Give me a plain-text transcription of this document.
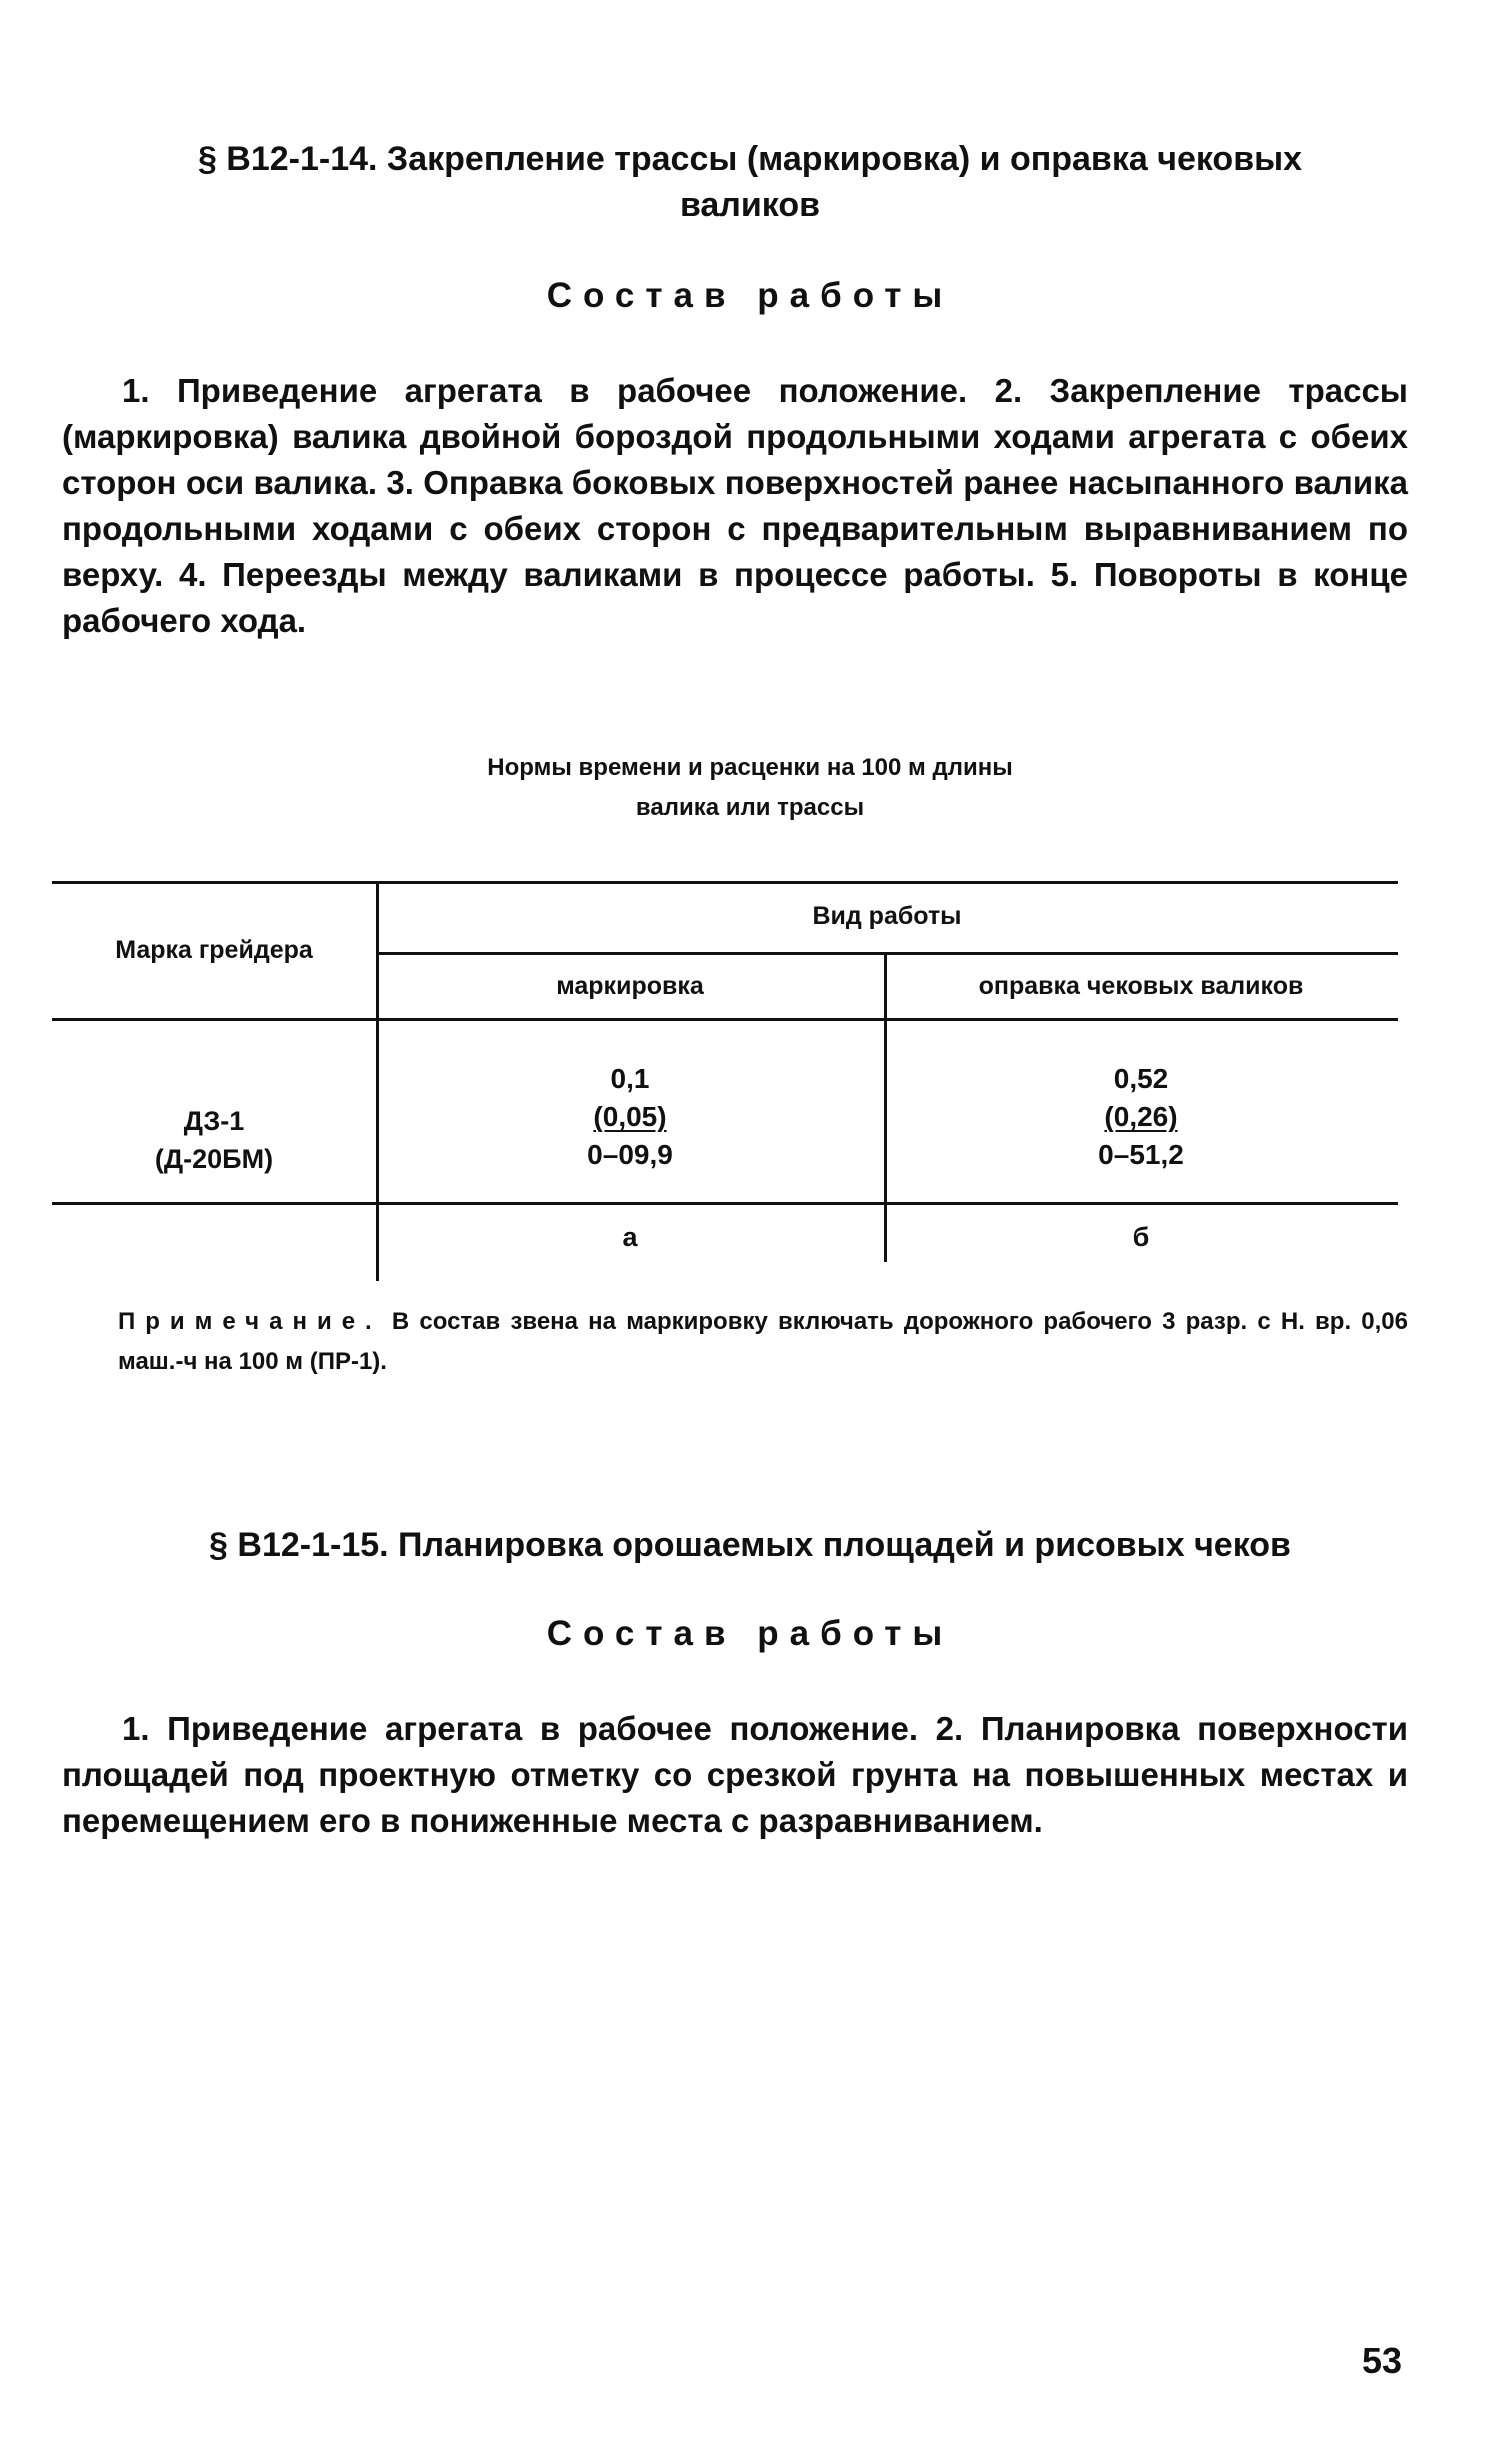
§ В12-1-14. Закрепление трассы (маркировка) и оправка чековых
валиков
Состав работы
1. Приведение агрегата в рабочее положение. 2. Закрепление трассы (маркировка) валика двойной бороздой продольными ходами агрегата с обеих сторон оси валика. 3. Оправка боковых поверхностей ранее насыпанного валика продольными ходами с обеих сторон с предварительным выравниванием по верху. 4. Переезды между валиками в процессе работы. 5. Повороты в конце рабочего хода.
Нормы времени и расценки на 100 м длины
валика или трассы
Марка грейдера
Вид работы
маркировка	оправка чековых валиков
ДЗ-1
(Д-20БМ)
0,1
(0,05)
0–09,9
0,52
(0,26)
0–51,2
а	б
Примечание. В состав звена на маркировку включать дорожного рабочего 3 разр. с Н. вр. 0,06 маш.-ч на 100 м (ПР-1).
§ В12-1-15. Планировка орошаемых площадей и рисовых чеков
Состав работы
1. Приведение агрегата в рабочее положение. 2. Планировка поверхности площадей под проектную отметку со срезкой грунта на повышенных местах и перемещением его в пониженные места с разравниванием.
53
